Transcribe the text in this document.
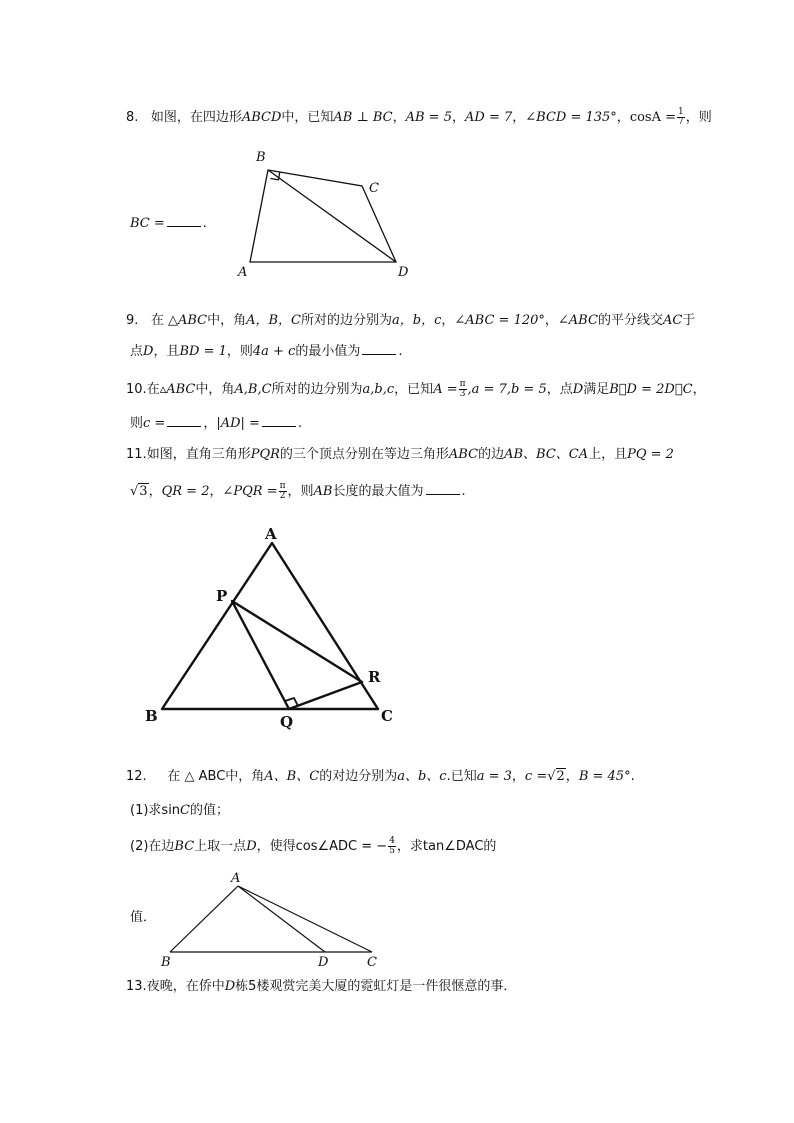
8. 如图，在四边形ABCD中，已知AB ⊥ BC，AB = 5，AD = 7，∠BCD = 135°，$\cos A = \frac{1}{7}$ ，则
BC =	.
B
C
A	D
9. 在 △ABC中，角A，B，C所对的边分别为a，b，c，∠ABC = 120°，∠ABC的平分线交AC于
点D，且BD = 1，则4a + c的最小值为	.
10.在▵ABC中，角A,B,C所对的边分别为a,b,c，已知$A = \frac{\pi}{3} ,a = 7,b = 5$，点D满足B⃗D = 2D⃗C，
则c =	，|AD| =	.
11.如图，直角三角形PQR的三个顶点分别在等边三角形ABC的边AB、BC、CA上，且PQ = 2
√3，QR = 2，∠PQR = $\frac{\pi}{2}$ ，则AB长度的最大值为	.
A
P
R
B	Q	C
12. 在 △ ABC中，角A、B、C的对边分别为a、b、c.已知a = 3，c =√2，B = 45°.
(1)求sinC的值；
(2)在边BC上取一点D，使得cos∠ADC = − $\frac{4}{5}$ ，求tan∠DAC的
值．
A
B	D	C
13.夜晚，在侨中D栋5楼观赏完美大厦的霓虹灯是一件很惬意的事．
